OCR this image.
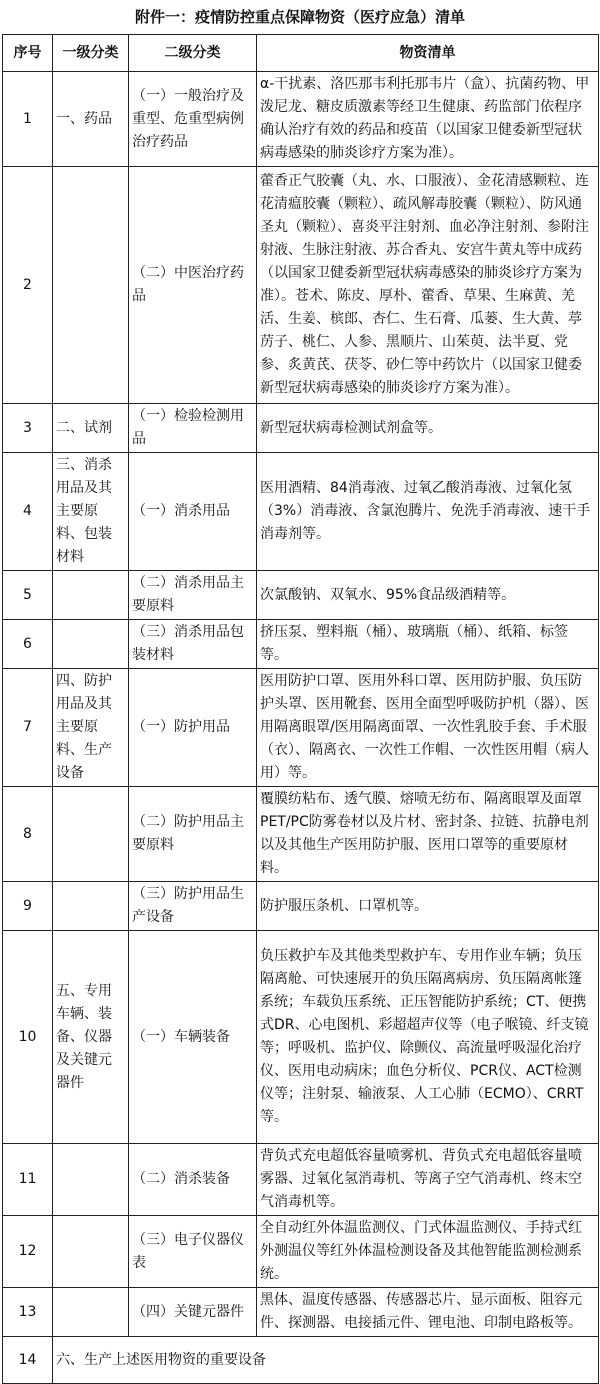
附件一：疫情防控重点保障物资（医疗应急）清单
序号	一级分类	二级分类	物资清单
1	一、药品	（一）一般治疗及重型、危重型病例治疗药品	α-干扰素、洛匹那韦利托那韦片（盒）、抗菌药物、甲泼尼龙、糖皮质激素等经卫生健康、药监部门依程序确认治疗有效的药品和疫苗（以国家卫健委新型冠状病毒感染的肺炎诊疗方案为准）。
2		（二）中医治疗药品	藿香正气胶囊（丸、水、口服液）、金花清感颗粒、连花清瘟胶囊（颗粒）、疏风解毒胶囊（颗粒）、防风通圣丸（颗粒）、喜炎平注射剂、血必净注射剂、参附注射液、生脉注射液、苏合香丸、安宫牛黄丸等中成药（以国家卫健委新型冠状病毒感染的肺炎诊疗方案为准）。苍术、陈皮、厚朴、藿香、草果、生麻黄、羌活、生姜、槟郎、杏仁、生石膏、瓜蒌、生大黄、葶苈子、桃仁、人参、黑顺片、山茱萸、法半夏、党参、炙黄芪、茯苓、砂仁等中药饮片（以国家卫健委新型冠状病毒感染的肺炎诊疗方案为准）。
3	二、试剂	（一）检验检测用品	新型冠状病毒检测试剂盒等。
4	三、消杀用品及其主要原料、包装材料	（一）消杀用品	医用酒精、84消毒液、过氧乙酸消毒液、过氧化氢（3%）消毒液、含氯泡腾片、免洗手消毒液、速干手消毒剂等。
5		（二）消杀用品主要原料	次氯酸钠、双氧水、95%食品级酒精等。
6		（三）消杀用品包装材料	挤压泵、塑料瓶（桶）、玻璃瓶（桶）、纸箱、标签等。
7	四、防护用品及其主要原料、生产设备	（一）防护用品	医用防护口罩、医用外科口罩、医用防护服、负压防护头罩、医用靴套、医用全面型呼吸防护机（器）、医用隔离眼罩/医用隔离面罩、一次性乳胶手套、手术服（衣）、隔离衣、一次性工作帽、一次性医用帽（病人用）等。
8		（二）防护用品主要原料	覆膜纺粘布、透气膜、熔喷无纺布、隔离眼罩及面罩PET/PC防雾卷材以及片材、密封条、拉链、抗静电剂以及其他生产医用防护服、医用口罩等的重要原材料。
9		（三）防护用品生产设备	防护服压条机、口罩机等。
10	五、专用车辆、装备、仪器及关键元器件	（一）车辆装备	负压救护车及其他类型救护车、专用作业车辆；负压隔离舱、可快速展开的负压隔离病房、负压隔离帐篷系统；车载负压系统、正压智能防护系统；CT、便携式DR、心电图机、彩超超声仪等（电子喉镜、纤支镜等；呼吸机、监护仪、除颤仪、高流量呼吸湿化治疗仪、医用电动病床；血色分析仪、PCR仪、ACT检测仪等；注射泵、输液泵、人工心肺（ECMO）、CRRT等。
11		（二）消杀装备	背负式充电超低容量喷雾机、背负式充电超低容量喷雾器、过氧化氢消毒机、等离子空气消毒机、终末空气消毒机等。
12		（三）电子仪器仪表	全自动红外体温监测仪、门式体温监测仪、手持式红外测温仪等红外体温检测设备及其他智能监测检测系统。
13		（四）关键元器件	黑体、温度传感器、传感器芯片、显示面板、阻容元件、探测器、电接插元件、锂电池、印制电路板等。
14	六、生产上述医用物资的重要设备		
